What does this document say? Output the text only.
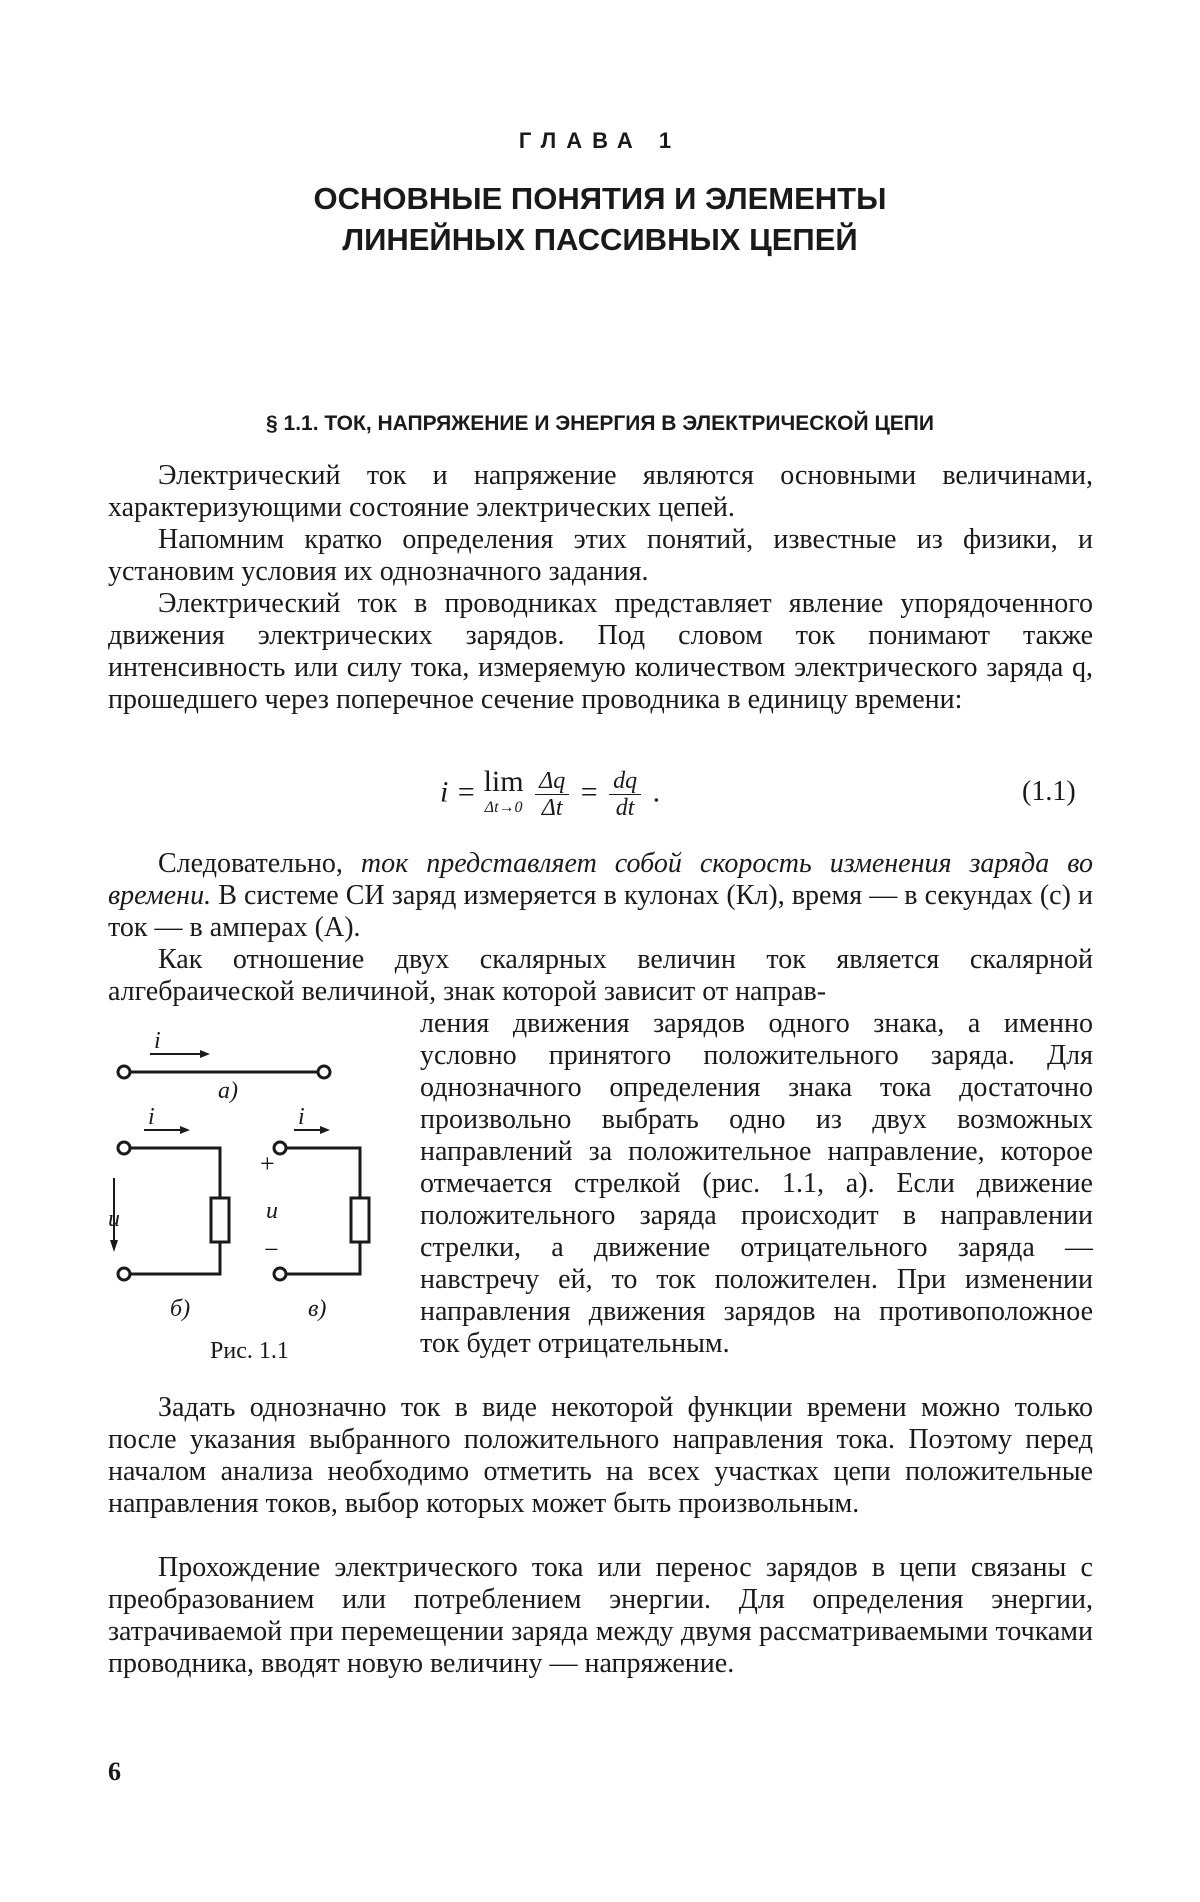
ГЛАВА 1
ОСНОВНЫЕ ПОНЯТИЯ И ЭЛЕМЕНТЫ
ЛИНЕЙНЫХ ПАССИВНЫХ ЦЕПЕЙ
§ 1.1. ТОК, НАПРЯЖЕНИЕ И ЭНЕРГИЯ В ЭЛЕКТРИЧЕСКОЙ ЦЕПИ

Электрический ток и напряжение являются основными величинами, характеризующими состояние электрических цепей.

Напомним кратко определения этих понятий, известные из физики, и установим условия их однозначного задания.

Электрический ток в проводниках представляет явление упорядоченного движения электрических зарядов. Под словом ток понимают также интенсивность или силу тока, измеряемую количеством электрического заряда q, прошедшего через поперечное сечение проводника в единицу времени:

i = lim
Δt→0
$\frac{\Delta q}{\Delta t} = \frac{dq}{dt}$ .	(1.1)

Следовательно, ток представляет собой скорость изменения заряда во времени. В системе СИ заряд измеряется в кулонах (Кл), время — в секундах (с) и ток — в амперах (А).

Как отношение двух скалярных величин ток является скалярной алгебраической величиной, знак которой зависит от направ-

ления движения зарядов одного знака, а именно условно принятого положительного заряда. Для однозначного определения знака тока достаточно произвольно выбрать одно из двух возможных направлений за положительное направление, которое отмечается стрелкой (рис. 1.1, а). Если движение положительного заряда происходит в направлении стрелки, а движение отрицательного заряда — навстречу ей, то ток положителен. При изменении направления движения зарядов на противоположное ток будет отрицательным.

i
а)
i	i
u
+
u
−
б)	в)
Рис. 1.1

Задать однозначно ток в виде некоторой функции времени можно только после указания выбранного положительного направления тока. Поэтому перед началом анализа необходимо отметить на всех участках цепи положительные направления токов, выбор которых может быть произвольным.

Прохождение электрического тока или перенос зарядов в цепи связаны с преобразованием или потреблением энергии. Для определения энергии, затрачиваемой при перемещении заряда между двумя рассматриваемыми точками проводника, вводят новую величину — напряжение.

6
